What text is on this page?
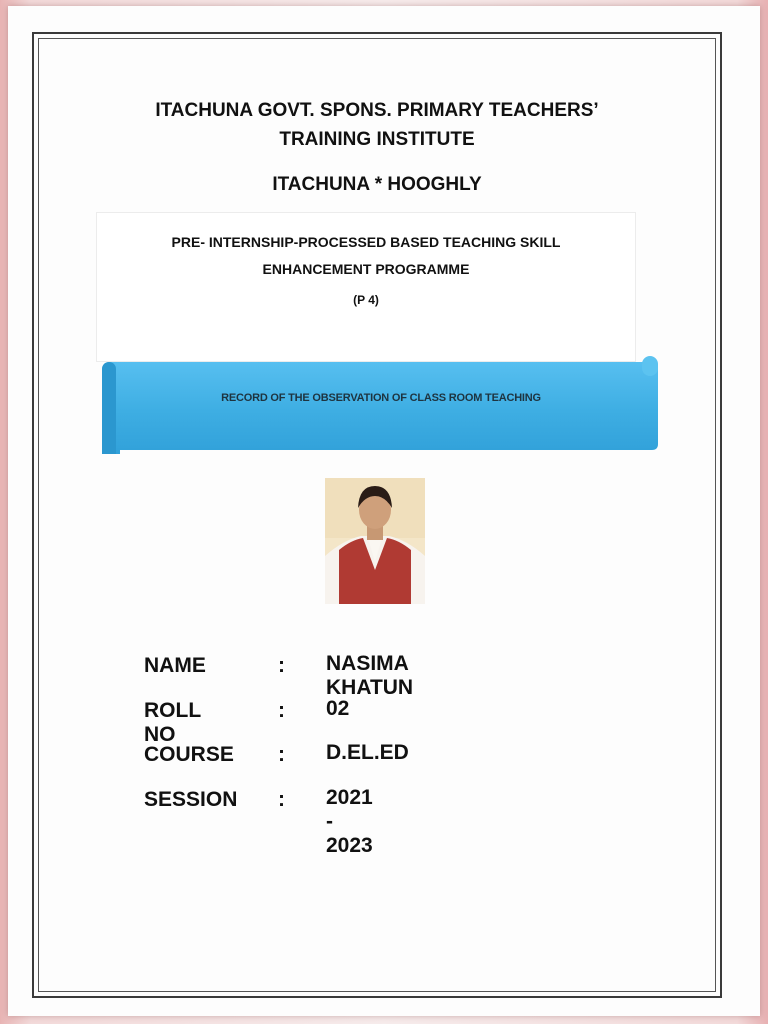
ITACHUNA GOVT. SPONS. PRIMARY TEACHERS’
TRAINING INSTITUTE
ITACHUNA * HOOGHLY
PRE- INTERNSHIP-PROCESSED BASED TEACHING SKILL
ENHANCEMENT PROGRAMME
(P 4)
RECORD OF THE OBSERVATION OF CLASS ROOM TEACHING
NAME	: NASIMA KHATUN
ROLL NO
: 02
COURSE : D.EL.ED
SESSION : 2021 - 2023
